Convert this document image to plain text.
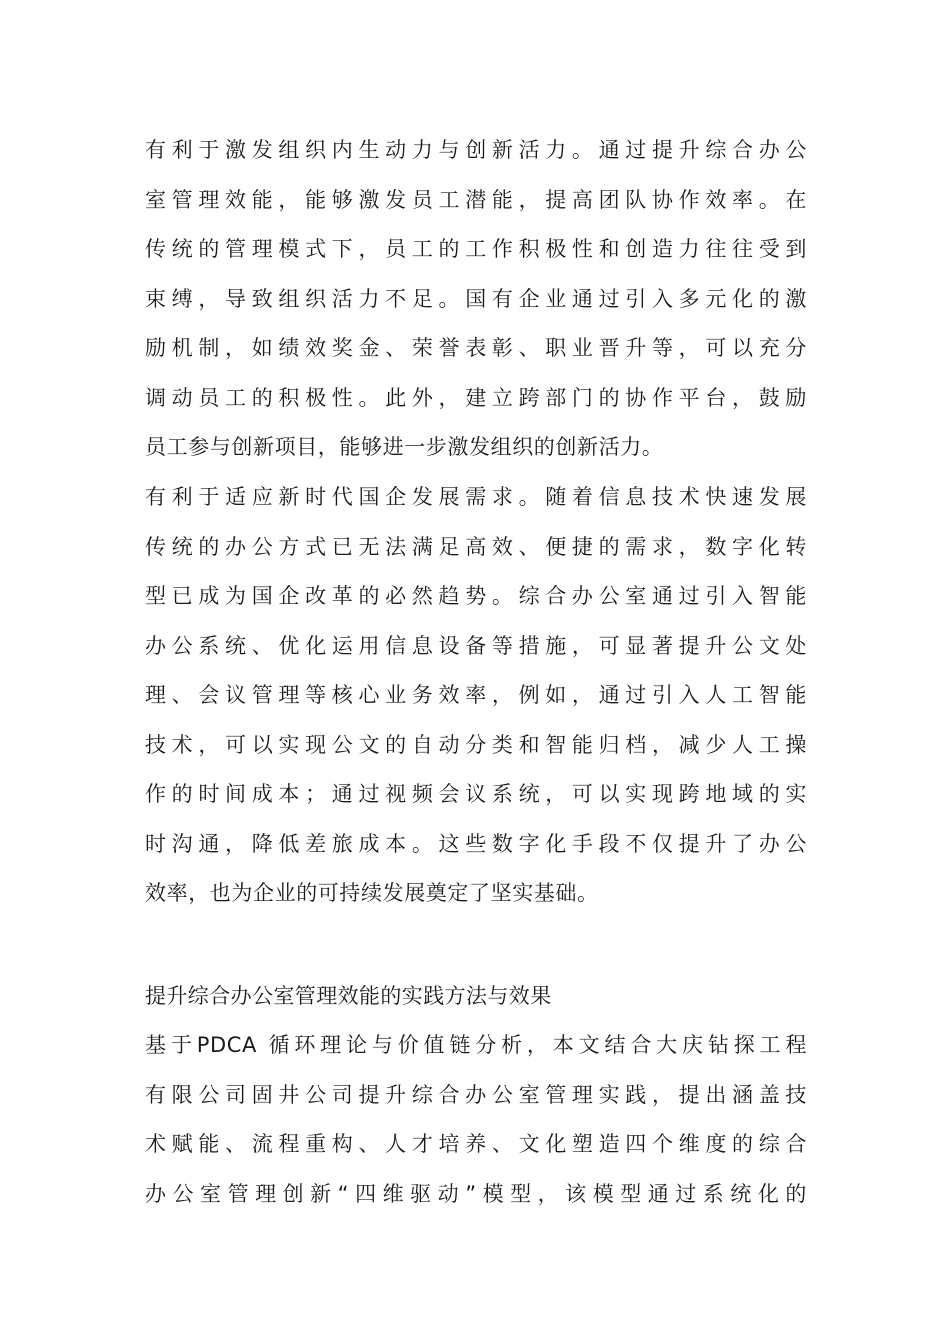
有利于激发组织内生动力与创新活力。通过提升综合办公
室管理效能，能够激发员工潜能，提高团队协作效率。在
传统的管理模式下，员工的工作积极性和创造力往往受到
束缚，导致组织活力不足。国有企业通过引入多元化的激
励机制，如绩效奖金、荣誉表彰、职业晋升等，可以充分
调动员工的积极性。此外，建立跨部门的协作平台，鼓励
员工参与创新项目，能够进一步激发组织的创新活力。
有利于适应新时代国企发展需求。随着信息技术快速发展
传统的办公方式已无法满足高效、便捷的需求，数字化转
型已成为国企改革的必然趋势。综合办公室通过引入智能
办公系统、优化运用信息设备等措施，可显著提升公文处
理、会议管理等核心业务效率，例如，通过引入人工智能
技术，可以实现公文的自动分类和智能归档，减少人工操
作的时间成本；通过视频会议系统，可以实现跨地域的实
时沟通，降低差旅成本。这些数字化手段不仅提升了办公
效率，也为企业的可持续发展奠定了坚实基础。
提升综合办公室管理效能的实践方法与效果
基于PDCA 循环理论与价值链分析，本文结合大庆钻探工程
有限公司固井公司提升综合办公室管理实践，提出涵盖技
术赋能、流程重构、人才培养、文化塑造四个维度的综合
办公室管理创新“四维驱动”模型，该模型通过系统化的
